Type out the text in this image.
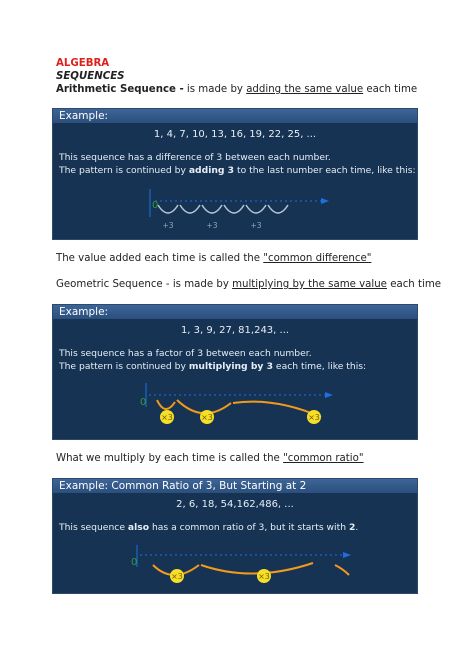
ALGEBRA
SEQUENCES
Arithmetic Sequence - is made by adding the same value each time
Example:
1, 4, 7, 10, 13, 16, 19, 22, 25, ...
This sequence has a difference of 3 between each number.
The pattern is continued by adding 3 to the last number each time, like this:
0
+3	+3	+3
The value added each time is called the "common difference"
Geometric Sequence - is made by multiplying by the same value each time
Example:
1, 3, 9, 27, 81,243, ...
This sequence has a factor of 3 between each number.
The pattern is continued by multiplying by 3 each time, like this:
0
×3	×3	×3
What we multiply by each time is called the "common ratio"
Example: Common Ratio of 3, But Starting at 2
2, 6, 18, 54,162,486, ...
This sequence also has a common ratio of 3, but it starts with 2.
0
×3	×3
